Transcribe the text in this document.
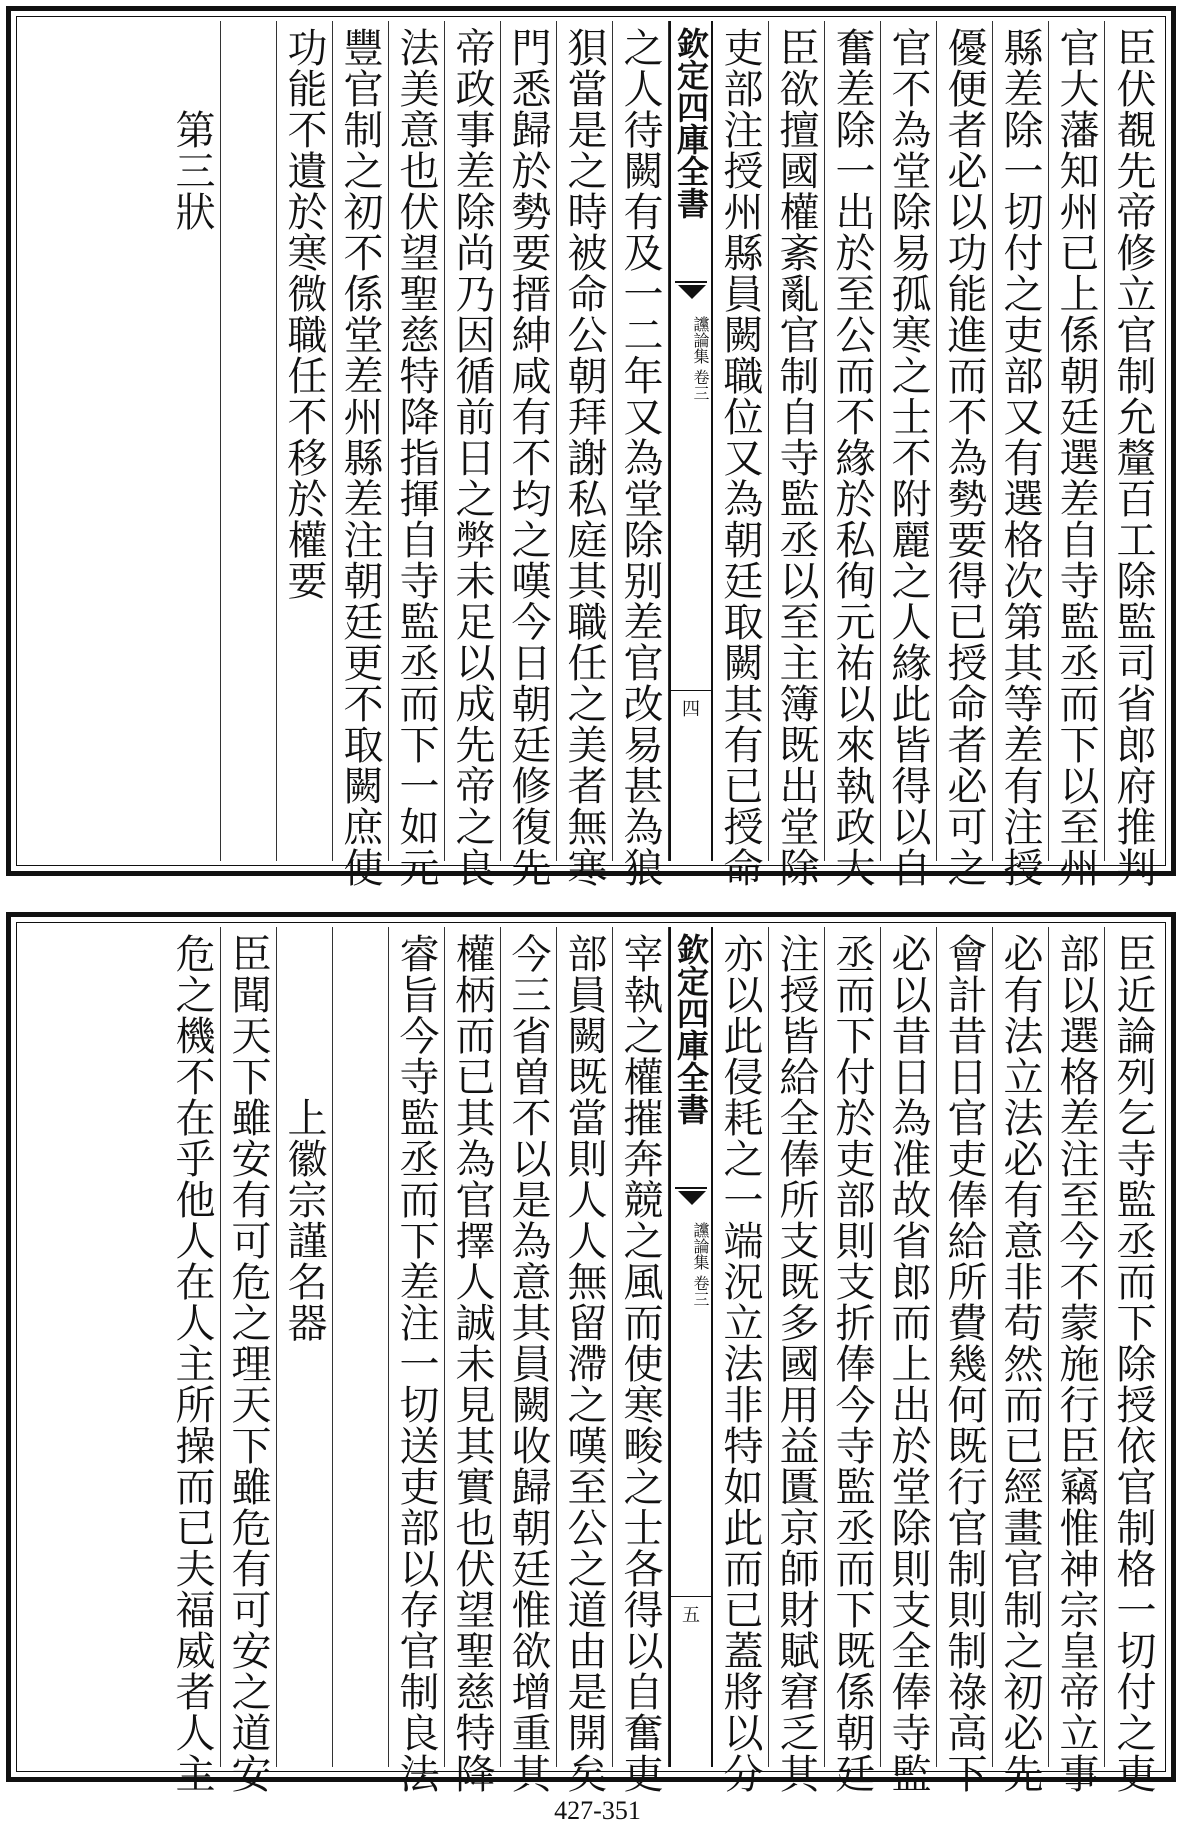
臣伏覩先帝修立官制允釐百工除監司省郎府推判
官大藩知州已上係朝廷選差自寺監丞而下以至州
縣差除一切付之吏部又有選格次第其等差有注授
優便者必以功能進而不為勢要得已授命者必可之
官不為堂除易孤寒之士不附麗之人緣此皆得以自
奮差除一出於至公而不緣於私徇元祐以來執政大
臣欲擅國權紊亂官制自寺監丞以至主簿既出堂除
吏部注授州縣員闕職位又為朝廷取闕其有已授命
欽定四庫全書
讜論集 卷三
四
之人待闕有及一二年又為堂除别差官改易甚為狼
狽當是之時被命公朝拜謝私庭其職任之美者無寒
門悉歸於勢要搢紳咸有不均之嘆今日朝廷修復先
帝政事差除尚乃因循前日之弊未足以成先帝之良
法美意也伏望聖慈特降指揮自寺監丞而下一如元
豐官制之初不係堂差州縣差注朝廷更不取闕庶使
功能不遺於寒微職任不移於權要
第三狀
臣近論列乞寺監丞而下除授依官制格一切付之吏
部以選格差注至今不蒙施行臣竊惟神宗皇帝立事
必有法立法必有意非苟然而已經畫官制之初必先
會計昔日官吏俸給所費幾何既行官制則制祿高下
必以昔日為准故省郎而上出於堂除則支全俸寺監
丞而下付於吏部則支折俸今寺監丞而下既係朝廷
注授皆給全俸所支既多國用益匱京師財賦窘乏其
亦以此侵耗之一端況立法非特如此而已蓋將以分
欽定四庫全書
讜論集 卷三
五
宰執之權摧奔競之風而使寒畯之士各得以自奮吏
部員闕既當則人人無留滯之嘆至公之道由是開矣
今三省曽不以是為意其員闕收歸朝廷惟欲增重其
權柄而已其為官擇人誠未見其實也伏望聖慈特降
睿旨今寺監丞而下差注一切送吏部以存官制良法
上徽宗謹名器
臣聞天下雖安有可危之理天下雖危有可安之道安
危之機不在乎他人在人主所操而已夫福威者人主
427-351
